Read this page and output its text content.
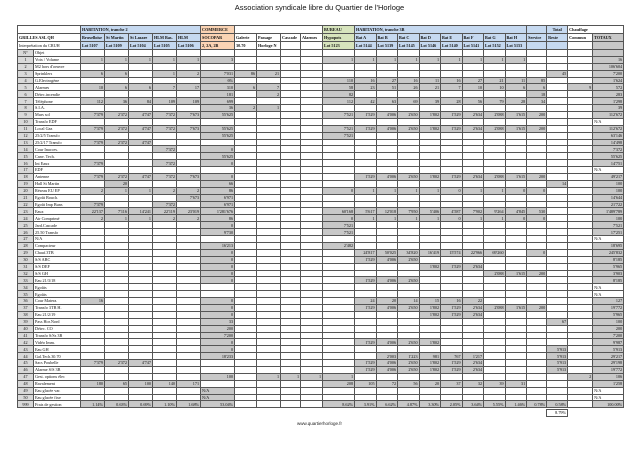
Association syndicale libre du Quartier de l'Horloge
		HABITATION, tranche 2					COMMERCE					BUREAU	HABITATION, tranche 3B									Total	Chauffage	
GRILLES ASL QH		Bruxelloise	St Martin	St Lazare	HLM Bas.	HLM	SOCOPAR	Galerie	Passage	Cascade	Alarmes	Hypopots	Bat A	Bat B	Bat C	Bat D	Bat E	Bat F	Bat G	Bat H	Service	Reste	Commun	TOTAUX
Interprétation du CRUH		Lot 5107	Lot 5109	Lot 5104	Lot 5105	Lot 5106	2, 2A, 2B	30.70	Horloge N			Lot 5123	Lot 5144	Lot 5139	Lot 5145	Lot 5146	Lot 5140	Lot 5141	Lot 5152	Lot 5153				
N°	Objet																							
1	Voix / Volume	1	1	1	1	1	3					1	1	1	1	1	1	1	1	1				16
2	M2 hors d'oeuvre																							106'604
3	Sprinklers	6	6		1	2	7'031	86	21													45		7'200
4	G.Electrogène						6%					110	16	27	16	11	16	27	21	11	85			1'624
5	Alarmes	10	6	6	7	17	310	6	7			58	23	51	26	21	7	10	10	6	6		9	572
6	Détec.incendie						181		2			82									18			283
7	Téléphone	112	36	84	109	109	699					112	42	63	69	39	28	56	79	28	34			1'298
8	S.I.A.						36	2	1															39
9	Murs sol	7'379	2'372	4'747	7'372	7'673	55'625					7'521	1'529	4'006	2'650	1'802	1'529	2'634	2'088	1'615	200			112'672
10	Transfo EDF																							N/A
11	Local Gaz	7'379	2'372	4'747	7'372	7'673	55'625					7'521	1'529	4'006	2'650	1'802	1'529	2'634	2'088	1'615	200			112'672
12	25/2/5 Transfo						55'625					7'521												63'146
13	25/2/17 Transfo	7'379	2'372	4'747																				14'498
14	Cour Inacces.				7'372		0																	7'372
15	Canv. Tech.						55'625																	55'625
16	Int Eaux	7'379			7'372		0																	14'751
17	EDF																							N/A
18	Antenne	7'379	2'372	4'747	7'372	7'673	0						1'529	4'006	2'650	1'802	1'529	2'634	2'088	1'615	200			49'217
19	Hall St Martin		20				66															14		100
20	Réseau EU EP	2	1	1	2	2	86					0	1	1	1	1	0	1	1	0	0			100
21	Egoût Bouch.					7'673	6'971																	14'644
22	Egoût Imp Buns	7'379			7'372		6'971																	21'722
23	Eaux	22'137	7'116	14'241	22'119	23'019	1'281'676					60'168	5'617	12'018	7'950	5'406	4'587	7'902	9'264	4'845	530			1'489'789
24	Air Comprimé	2	1	1	2	2	86					0	1	1	1	1	0	1	1	0	0			100
25	Jard.Cascade						0					7'521												7'521
26	25.50 Transfo						9'730					7'521												17'251
27	N/A																							N/A
28	Compacteur						16'213					2'482												18'695
29	Chauf.3TB						0						24'817	50'025	34'820	16'419	15'574	22'966	69'260		0			245'832
30	S/S ABC						0						1'529	4'006	2'650									8'185
31	S/S DEF						0									1'802	1'529	2'634						5'965
32	S/S GH						0												2'088	1'615	200			3'903
33	Eau 21/3/18						0						1'529	4'006	2'650									8'185
34	Egoûts																							N/A
35	Egoûts																							N/A
36	Cour Matera.	16					0						24	20	14	15	16	22						127
37	Transfo 3TB H.						0						1'529	4'006	2'650	1'802	1'529	2'634	2'088	1'615	200			19'772
38	Eau 21/2/19						0									1'802	1'529	2'634						5'965
39	Pass Hor.Nord						33															67		100
40	Détec. CO						200																	200
41	Transfo S/Ss 3B						7'200																	7'200
42	Vidéo Imm.						0						1'529	4'006	2'650	1'802								9'987
43	Eau GH						0															5'913		5'913
44	Gal.Tech.30.70						18'233							2'003	1'223	981	767	1'217				5'913		29'217
45	Sacs Poubelle	7'379	2'372	4'747									1'529	4'006	2'650	1'802	1'529	2'634				5'913		29'198
46	Alarme S/S 3B												1'529	4'006	2'650	1'802	1'529	2'634				5'913		19'772
47	Gest. options élec						100		1	1	1	1											2	106
48	Ravalement	180	65	100	140	171						208	105	72	56	20	37	32	39	31				1'258
49	Eau glacée var.						N/A																	N/A
50	Eau glacée fixe						N/A																	N/A
999	Frais de gestion	1.14%	0.63%	0.69%	1.10%	1.68%	53.04%					8.62%	3.91%	6.62%	4.87%	3.30%	2.05%	3.64%	5.55%	1.46%	0.78%	0.58%		100.00%
8.79%
www.quartierhorloge.fr
